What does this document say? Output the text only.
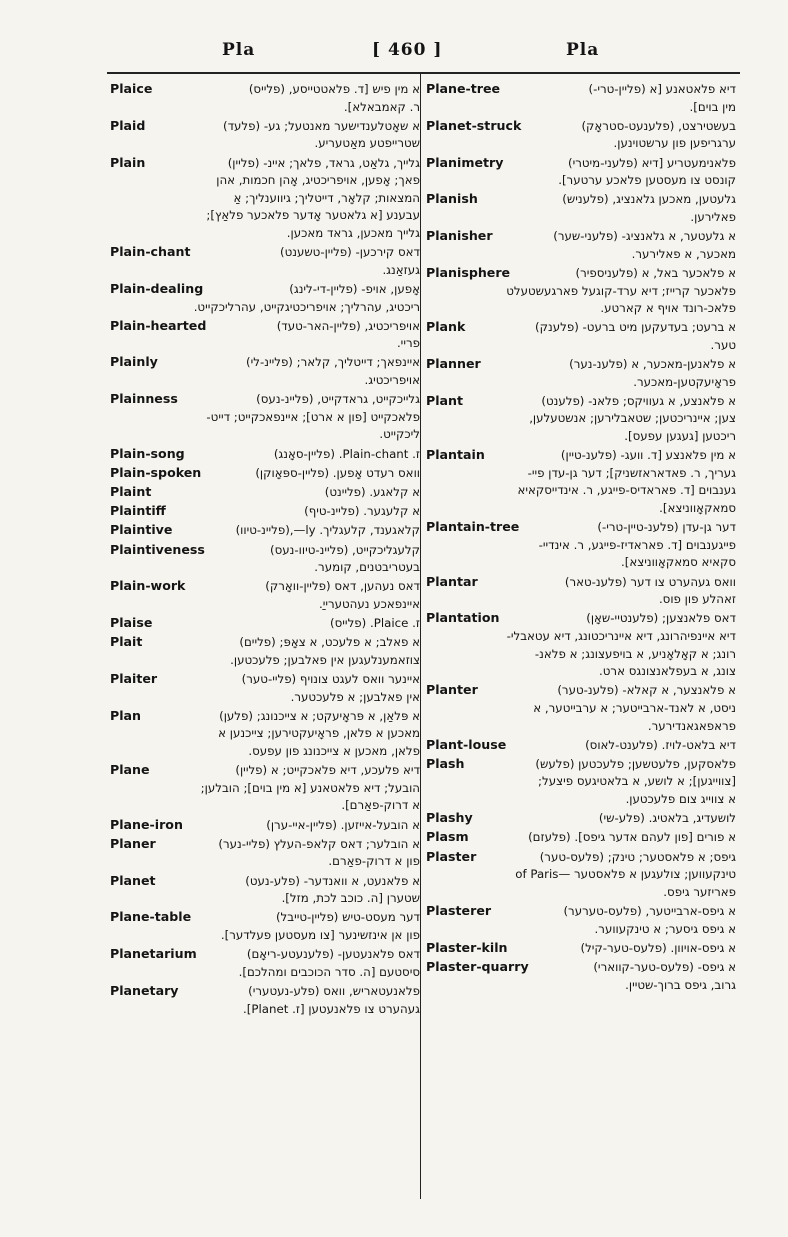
Pla	[ 460 ]	Pla
Plaice	א מין פיש [ד. פלאטטייסע, (פלייס)
ר. קאמבאלא].
Plaid	א שאָטלענדישער מאנטעל; גע- (פלעד)
שטרייפטע מאַטעריע.
Plain	גלייך, גלאַט, גראד, פלאך; איינ- (פליין)
פאך; אָפען, אויפריכטיג, אָהן חכמות, אהן
המצאות; קלאָר, דייטליך; גיווענליך; אַ
עבענע [א גלאטער אָדער פלאכער פלאַץ];
גלייך מאכען, גראד מאכען.
Plain-chant	דאס קירכען- (פליין-טשענט)
געזאַנג.
Plain-dealing	אָפען, אויפ- (פליין-די-לינג)
ריכטיג, עהרליך; אויפריכטיגקייט, עהרליכקייט.
Plain-hearted	אויפריכטיג, (פליין-האר-טעד)
פריי.
Plainly	איינפאך; דייטליך, קלאר; (פליינ-לי)
אויפריכטיג.
Plainness	גלייכקייט, גראדקייט, (פליינ-נעס)
פלאכקייט [פון א ארט]; איינפאכקייט; דייט-
ליכקייט.
Plain-song	ז. Plain-chant. (פליין-סאָנג)
Plain-spoken	וואס רעדט אָפען. (פליין-ספּאָוקן)
Plaint	א קלאגע. (פליינט)
Plaintiff	א קלעגער. (פליינ-טיף)
Plaintive	קלאגענד, קלעגליך. ly—,(פליינ-טיוו)
Plaintiveness	קלעגליכקייט, (פליינ-טיוו-נעס)
בעטריבטנים, קומער.
Plain-work	דאס נעהען, דאס (פליין-וואָרק)
איינפאכע נעהטערייַ.
Plaise	ז. Plaice. (פלייס)
Plait	א פאלב; א פלעכט, א צאָפּ; (פליים)
צוזאמענלעגען אין פאלבען; פלעכטען.
Plaiter	איינער וואס לעגט צונויף (פליי-טער)
אין פאלבען; א פלעכטער.
Plan	א פּלאַן, א פּראָיעקט; א צייכנונג; (פלען)
מאכען א פלאן, פראָיעקטירען; צייכנען א
פלאן, מאכען א צייכנונג פון עפעס.
Plane	דיא פלעכע, דיא פלאכקייט; א (פליין)
הובעל; דיא פלאטאנע [א מין בוים]; הובלען;
א דרוק-פאַרם].
Plane-iron	א הובעל-אייזען. (פליין-איי-ערן)
Planer	א הובלער; דאס קלאפ-העלץ (פליי-נער)
פון א דרוק-פאַרם.
Planet	א פלאנעט, א וואנדער- (פלע-נעט)
שטערן [ה. כוכב לכת, מזל].
Plane-table	דער מעסט-טיש (פליין-טייבל)
פון אן אינזשינער [צו מעסטען פעלדער].
Planetarium	דאס פלאנעטען- (פלענעטע-ריאָם)
סיסטעם [ה. סדר הכוכבים ומהלכם].
Planetary	פלאנעטאריש, וואס (פלע-נעטערי)
געהערט צו פלאנעטען [ז. Planet].
Plane-tree	דיא פלאטאנע [א (פליין-טרי-)
מין בוים].
Planet-struck	בעשטירצט, (פלענעט-סטראָק)
ערגריפען פון ערשטוינען.
Planimetry	פלאנימעטריע [דיא (פלעני-מיטרי)
קונסט צו מעסטען פלאכע ערטער].
Planish	גלעטען, מאכען גלאנציג, (פלעניש)
פאלירען.
Planisher	א גלעטער, א גלאנציג- (פלעני-שער)
מאכער, א פאלירער.
Planisphere	א פלאכער באל, א (פלעניספיר)
פלאכער קרייז; דיא ערד-קוגעל פארגעשטעלט
פלאכ-רונד אויף א קארטע.
Plank	א ברעט; בעדעקען מיט ברעט- (פלענק)
טער.
Planner	א פלאנען-מאכער, א (פלענ-נער)
פראָיעקטען-מאכער.
Plant	א פלאנצע, א געוויקס; פלאנ- (פלענט)
צען; איינריכטען; שטאבלירען; אנשטעלען,
ריכטען [געגען עפעס].
Plantain	א מין פלאנצע [ד. וועג- (פלענ-טיין)
געריך, ר. פאדאראזשניק]; דער גן-עדן פיי-
גענבוים [ד. פאראדיס-פייגע, ר. אינדייסקאיא
סמאקאָווניצא].
Plantain-tree	דער גן-עדן (פלענ-טיין-טרי-)
פייגענבוים [ד. פאראדיז-פייגע, ר. אינדיי-
סקאיא סמאקאָווניצא].
Plantar	וואס געהערט צו דער (פלענ-טאר)
זאהלע פון פוס.
Plantation	דאס פלאנצען; (פלענטיי-שאָן)
דיא איינפיהרונג, דיא איינריכטונג, דיא עטאבלי-
רונג; א קאָלאָניע, א בויפעצונג; א פלאנ-
צונג, א בעפלאנצונגס ארט.
Planter	א פלאנצער, א קאלא- (פלענ-טער)
ניסט, א לאנד-ארבייטער; א ערבייטער, א
פראפאגאנדירער.
Plant-louse	דיא בלאט-לויז. (פלענט-לאוס)
Plash	פלאסקען, פלעטשען; פלעכטען (פלעש)
[צווייגען]; א לושע, א בלאטיגעס פיצעל;
א צווייג צום פלעכטען.
Plashy	לושעדיג, בלאטיג. (פלע-שי)
Plasm	א פורים [פון לעהם אדער גיפס]. (פלעזם)
Plaster	גיפס; א פלאסטער; טינק; (פלעס-טער)
טינקעווען; צולעגען א פלאסטער —of Paris
פאריזער גיפס.
Plasterer	א גיפס-ארבייטער, (פלעס-טערער)
א גיפס גיסער; א טינקעווער.
Plaster-kiln	א גיפס-אויוון. (פלעס-טער-קיל)
Plaster-quarry	א גיפס- (פלעס-טער-קווארי)
גרוב, גיפס ברוך-שטיין.
